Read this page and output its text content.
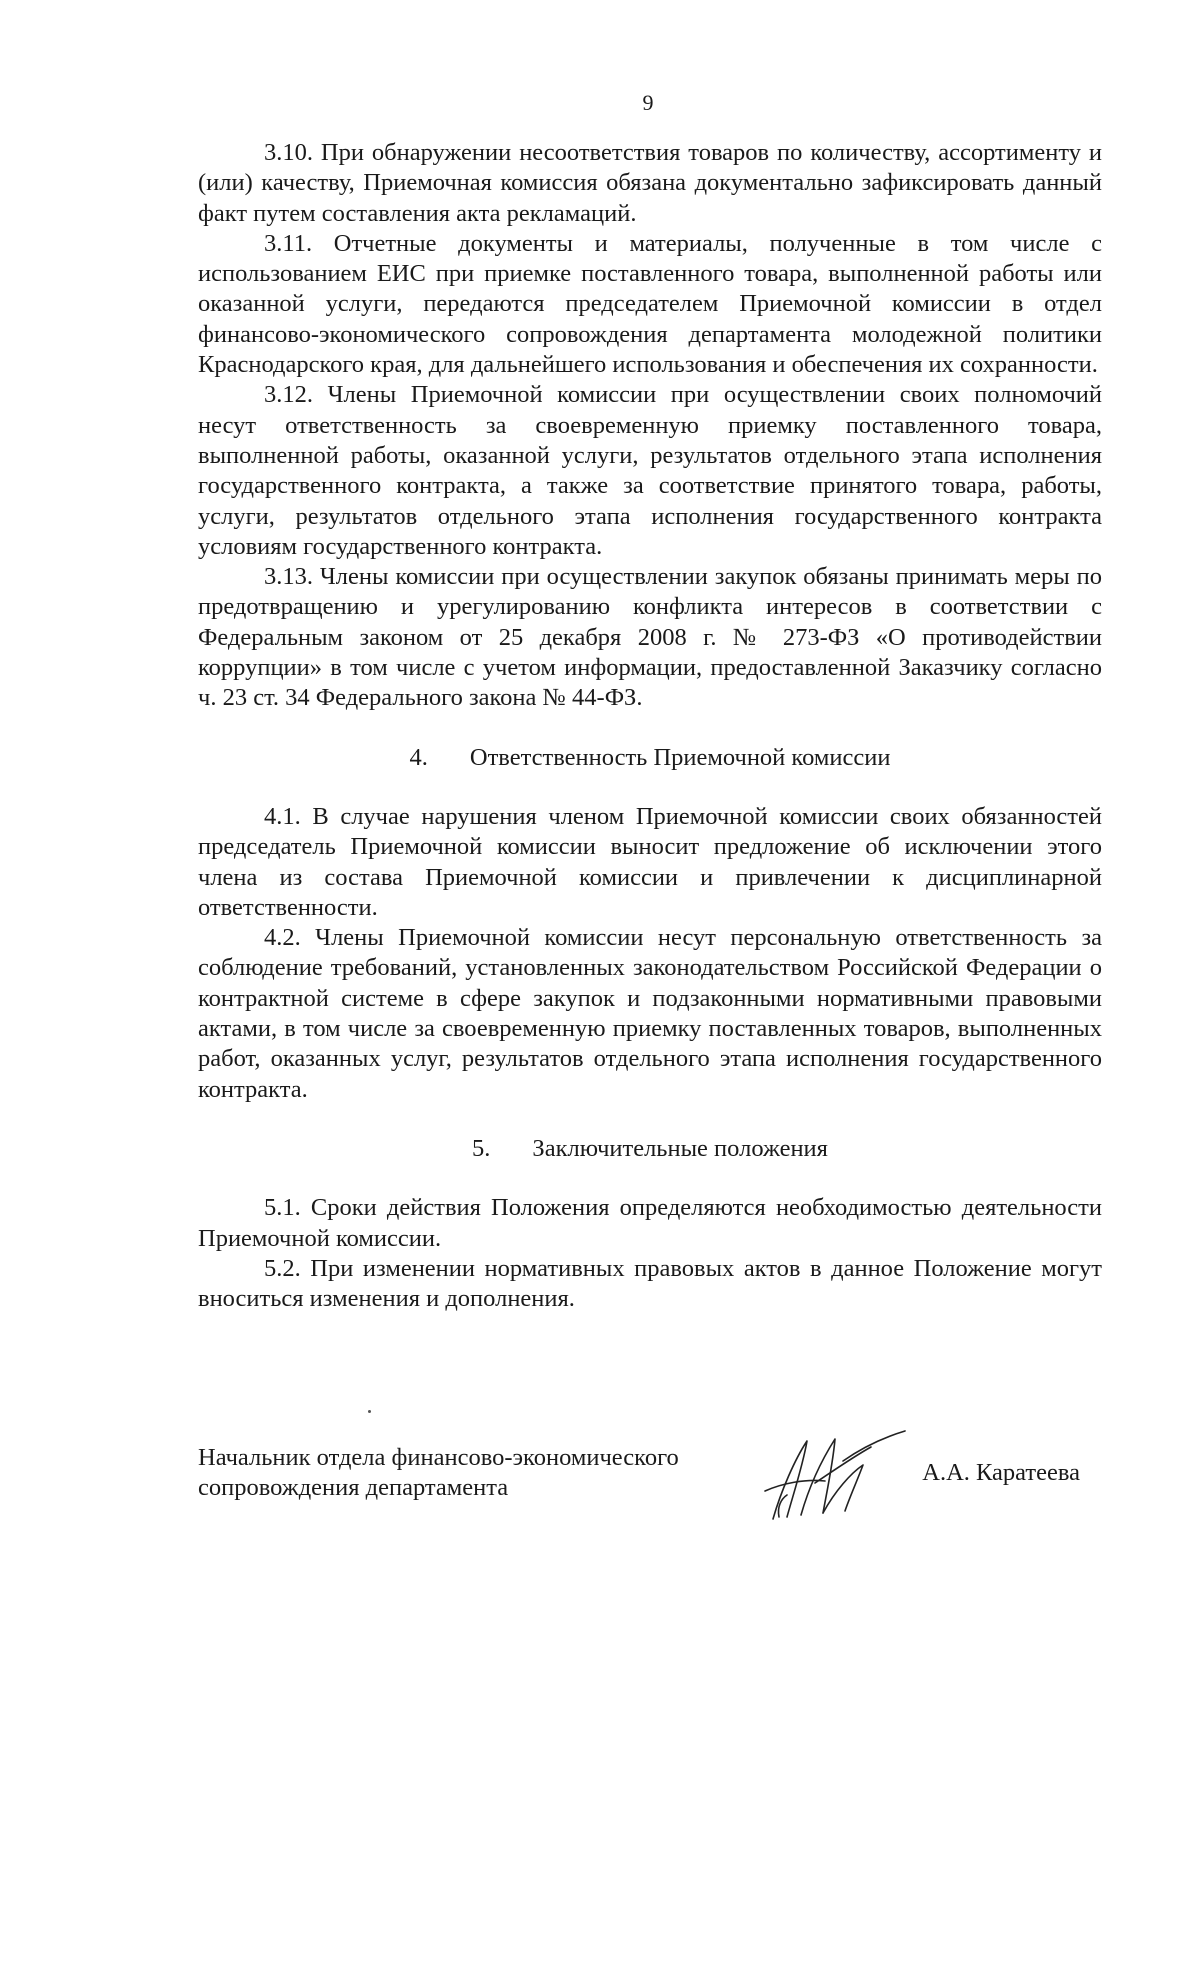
9

3.10. При обнаружении несоответствия товаров по количеству, ассортименту и (или) качеству, Приемочная комиссия обязана документально зафиксировать данный факт путем составления акта рекламаций.

3.11. Отчетные документы и материалы, полученные в том числе с использованием ЕИС при приемке поставленного товара, выполненной работы или оказанной услуги, передаются председателем Приемочной комиссии в отдел финансово-экономического сопровождения департамента молодежной политики Краснодарского края, для дальнейшего использования и обеспечения их сохранности.

3.12. Члены Приемочной комиссии при осуществлении своих полномочий несут ответственность за своевременную приемку поставленного товара, выполненной работы, оказанной услуги, результатов отдельного этапа исполнения государственного контракта, а также за соответствие принятого товара, работы, услуги, результатов отдельного этапа исполнения государственного контракта условиям государственного контракта.

3.13. Члены комиссии при осуществлении закупок обязаны принимать меры по предотвращению и урегулированию конфликта интересов в соответствии с Федеральным законом от 25 декабря 2008 г. № 273-ФЗ «О противодействии коррупции» в том числе с учетом информации, предоставленной Заказчику согласно ч. 23 ст. 34 Федерального закона № 44-ФЗ.

4. Ответственность Приемочной комиссии

4.1. В случае нарушения членом Приемочной комиссии своих обязанностей председатель Приемочной комиссии выносит предложение об исключении этого члена из состава Приемочной комиссии и привлечении к дисциплинарной ответственности.

4.2. Члены Приемочной комиссии несут персональную ответственность за соблюдение требований, установленных законодательством Российской Федерации о контрактной системе в сфере закупок и подзаконными нормативными правовыми актами, в том числе за своевременную приемку поставленных товаров, выполненных работ, оказанных услуг, результатов отдельного этапа исполнения государственного контракта.

5. Заключительные положения

5.1. Сроки действия Положения определяются необходимостью деятельности Приемочной комиссии.

5.2. При изменении нормативных правовых актов в данное Положение могут вноситься изменения и дополнения.

Начальник отдела финансово-экономического
сопровождения департамента
А.А. Каратеева
